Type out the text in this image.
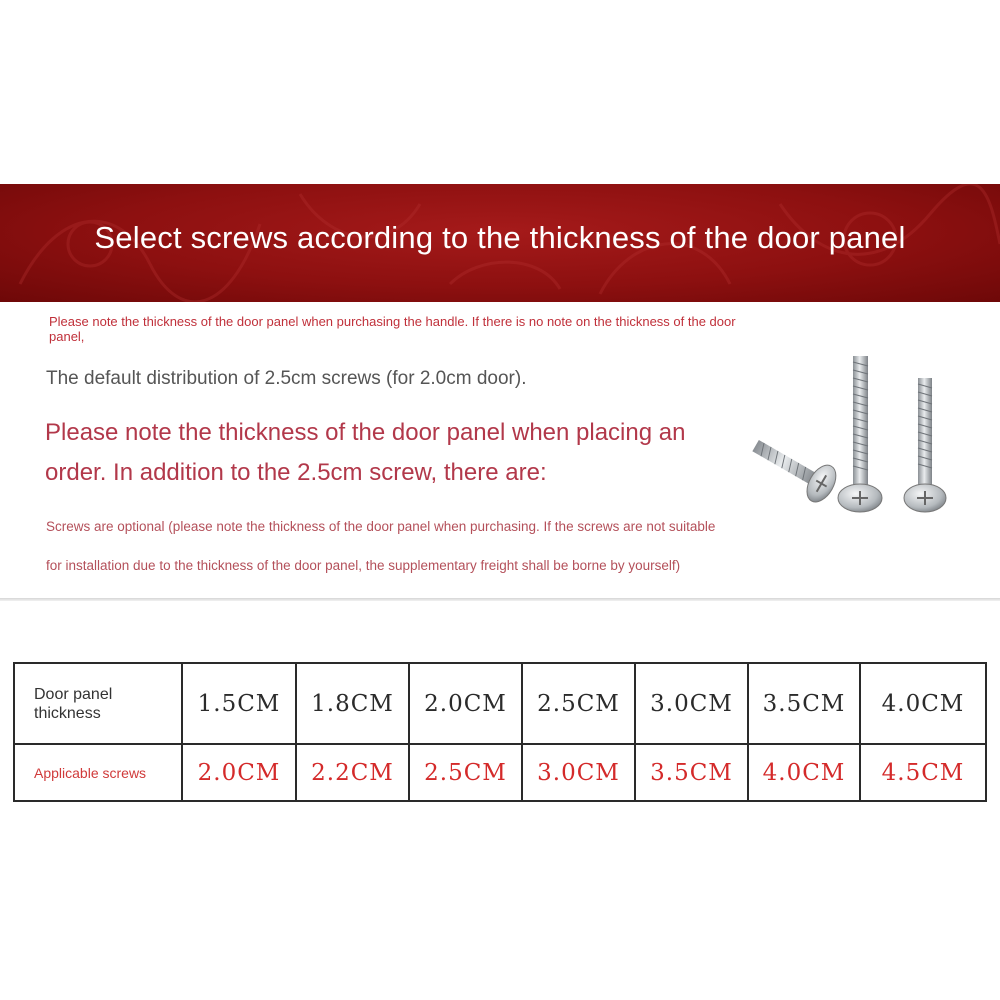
Select screws according to the thickness of the door panel
Please note the thickness of the door panel when purchasing the handle. If there is no note on the thickness of the door panel,
The default distribution of 2.5cm screws (for 2.0cm door).
Please note the thickness of the door panel when placing an order. In addition to the 2.5cm screw, there are:
Screws are optional (please note the thickness of the door panel when purchasing. If the screws are not suitable
for installation due to the thickness of the door panel, the supplementary freight shall be borne by yourself)
Door panel thickness	1.5CM	1.8CM	2.0CM	2.5CM	3.0CM	3.5CM	4.0CM
Applicable screws	2.0CM	2.2CM	2.5CM	3.0CM	3.5CM	4.0CM	4.5CM
